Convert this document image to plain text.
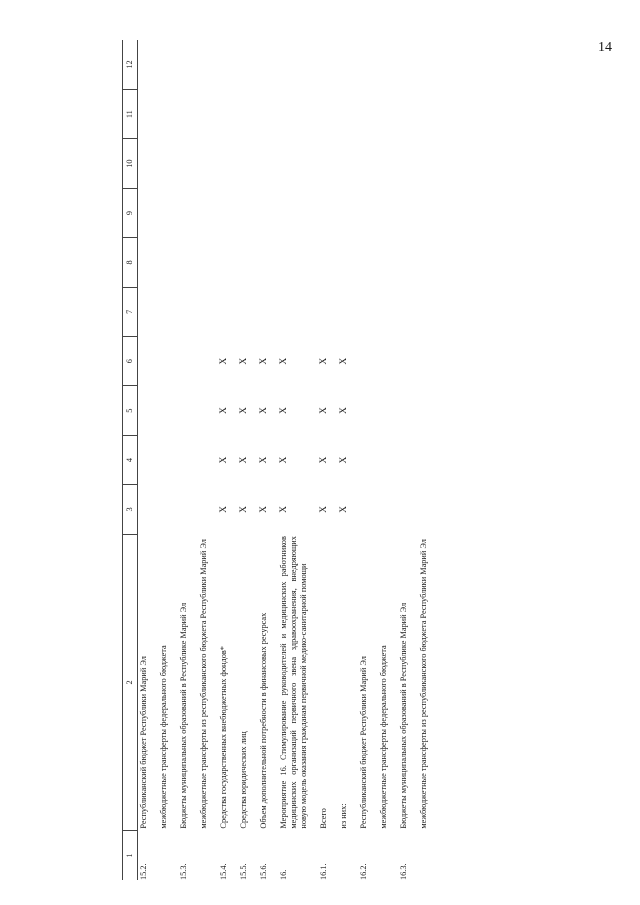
14
1	2	3	4	5	6	7	8	9	10	11	12
15.2.	Республиканский бюджет Республики Марий Эл										
	межбюджетные трансферты федерального бюджета										
15.3.	Бюджеты муниципальных образований в Республике Марий Эл										
	межбюджетные трансферты из республиканского бюджета Республики Марий Эл										
15.4.	Средства государственных внебюджетных фондов*	X	X	X	X						
15.5.	Средства юридических лиц	X	X	X	X						
15.6.	Объем дополнительной потребности в финансовых ресурсах	X	X	X	X						
16.	Мероприятие 16. Стимулирование руководителей и медицинских работников медицинских организаций первичного звена здравоохранения, внедряющих новую модель оказания гражданам первичной медико-санитарной помощи	X	X	X	X						
16.1.	Всего	X	X	X	X						
	из них:	X	X	X	X						
16.2.	Республиканский бюджет Республики Марий Эл										
	межбюджетные трансферты федерального бюджета										
16.3.	Бюджеты муниципальных образований в Республике Марий Эл										
	межбюджетные трансферты из республиканского бюджета Республики Марий Эл										
